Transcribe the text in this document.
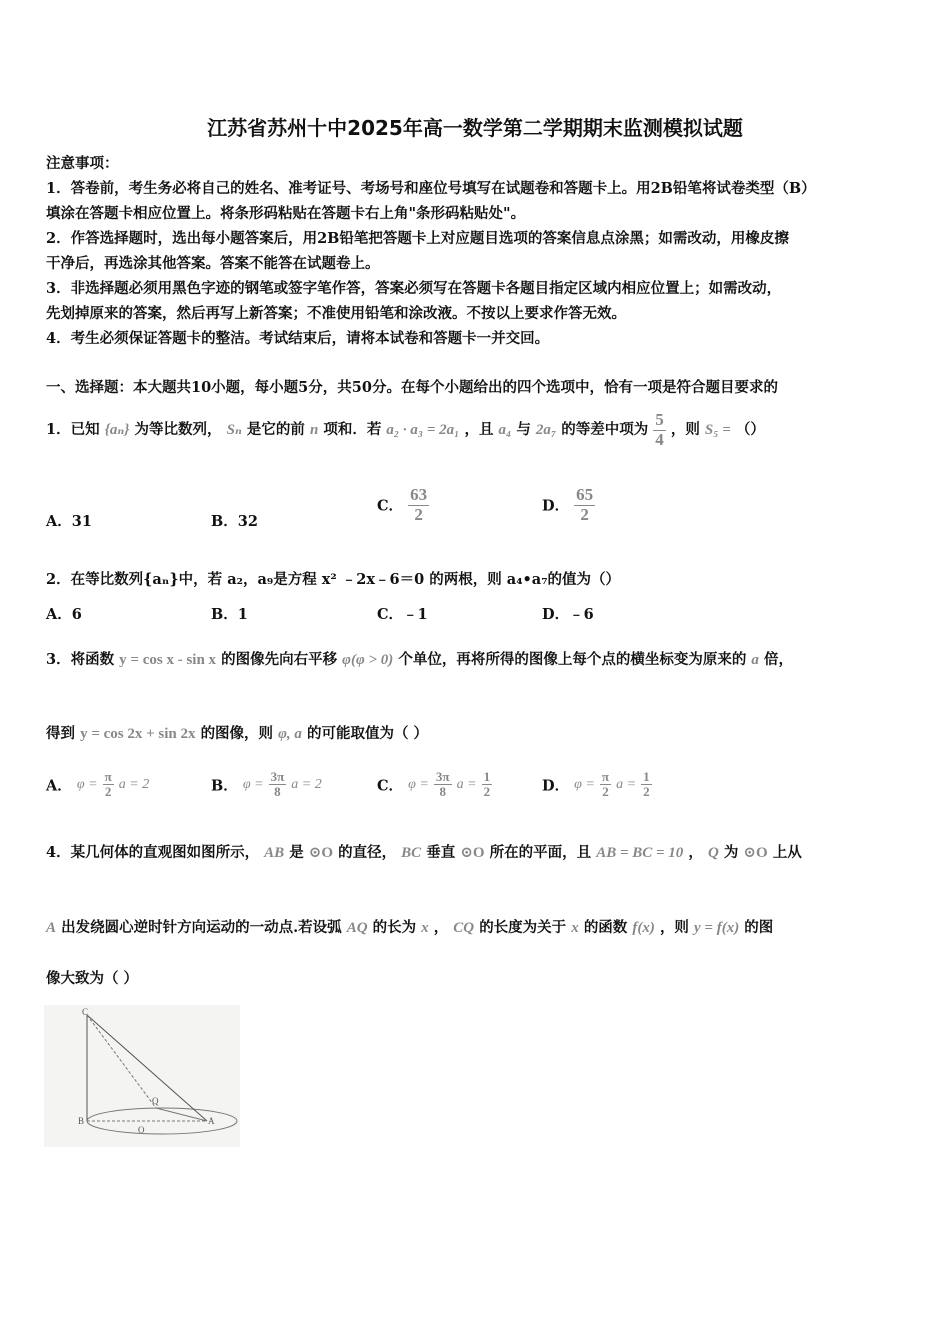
江苏省苏州十中2025年高一数学第二学期期末监测模拟试题
注意事项：
1．答卷前，考生务必将自己的姓名、准考证号、考场号和座位号填写在试题卷和答题卡上。用2B铅笔将试卷类型（B）
填涂在答题卡相应位置上。将条形码粘贴在答题卡右上角"条形码粘贴处"。
2．作答选择题时，选出每小题答案后，用2B铅笔把答题卡上对应题目选项的答案信息点涂黑；如需改动，用橡皮擦
干净后，再选涂其他答案。答案不能答在试题卷上。
3．非选择题必须用黑色字迹的钢笔或签字笔作答，答案必须写在答题卡各题目指定区域内相应位置上；如需改动，
先划掉原来的答案，然后再写上新答案；不准使用铅笔和涂改液。不按以上要求作答无效。
4．考生必须保证答题卡的整洁。考试结束后，请将本试卷和答题卡一并交回。
一、选择题：本大题共10小题，每小题5分，共50分。在每个小题给出的四个选项中，恰有一项是符合题目要求的
1．已知 {aₙ} 为等比数列， Sₙ 是它的前 n 项和．若 a₂ · a₃ = 2a₁ ，且 a₄ 与 2a₇ 的等差中项为 $\frac{5}{4}$ ，则 S₅ = （）
A．31	B．32
C． $\frac{63}{2}$	D． $\frac{65}{2}$
2．在等比数列{aₙ}中，若 a₂，a₉是方程 x² ﹣2x﹣6＝0 的两根，则 a₄•a₇的值为（）
A．6	B．1	C．﹣1	D．﹣6
3．将函数 y = cos x - sin x 的图像先向右平移 φ(φ > 0) 个单位，再将所得的图像上每个点的横坐标变为原来的 a 倍，
得到 y = cos 2x + sin 2x 的图像，则 φ, a 的可能取值为（ ）
A． $\varphi = \frac{\pi}{2}$ a = 2	B． $\varphi = \frac{3\pi}{8}$ a = 2	C． $\varphi = \frac{3\pi}{8}$ $a = \frac{1}{2}$	D． $\varphi = \frac{\pi}{2}$ $a = \frac{1}{2}$
4．某几何体的直观图如图所示， AB 是 ⊙O 的直径， BC 垂直 ⊙O 所在的平面，且 AB = BC = 10 ， Q 为 ⊙O 上从
A 出发绕圆心逆时针方向运动的一动点.若设弧 AQ 的长为 x ， CQ 的长度为关于 x 的函数 f(x) ，则 y = f(x) 的图
像大致为（ ）
C
B
Q
O
A
